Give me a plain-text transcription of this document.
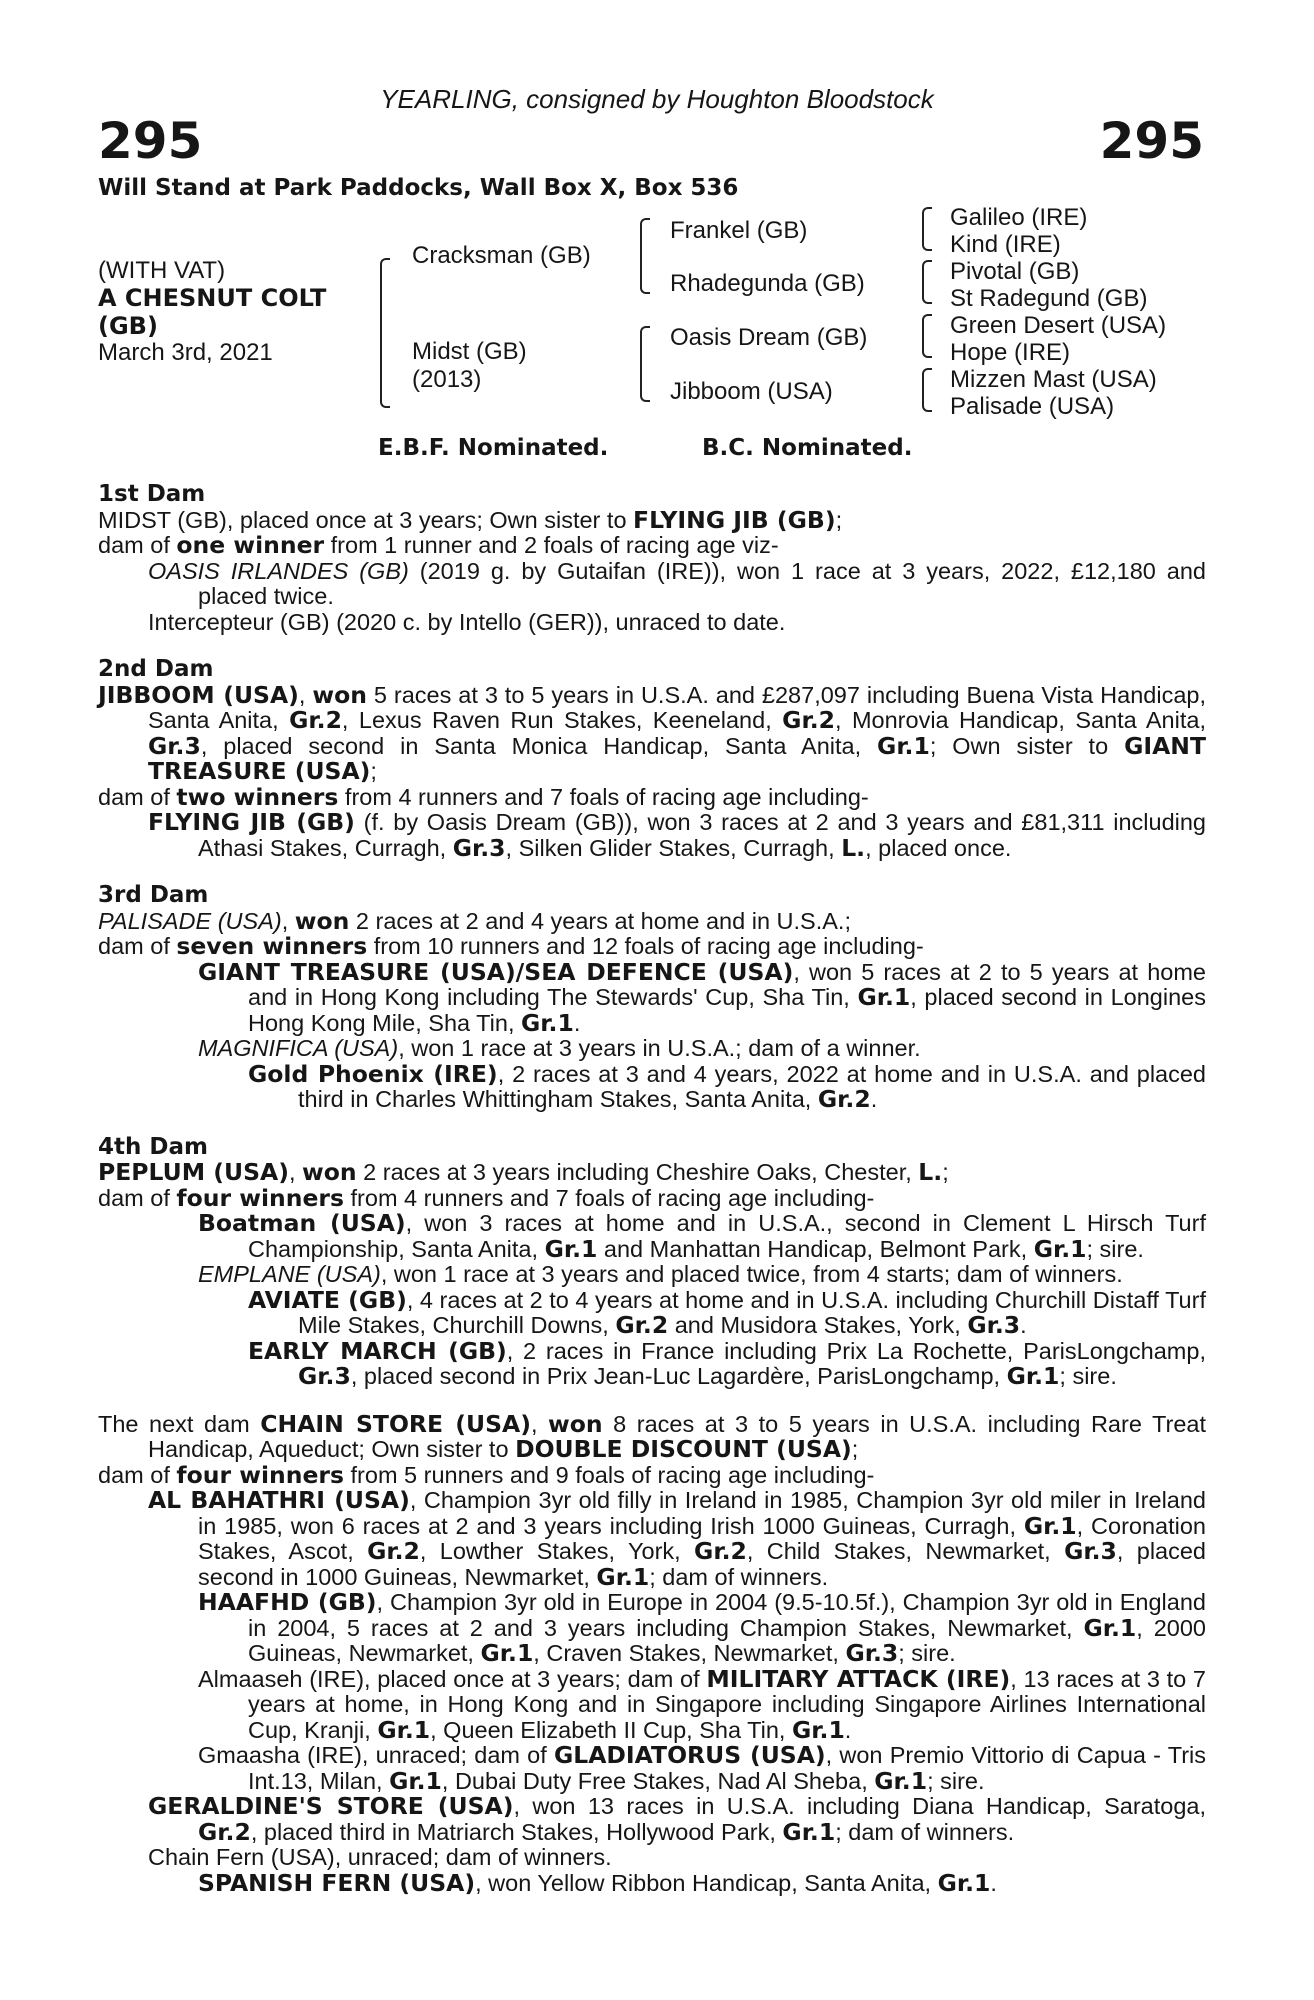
YEARLING, consigned by Houghton Bloodstock
295	295
Will Stand at Park Paddocks, Wall Box X, Box 536
(WITH VAT)
A CHESNUT COLT
(GB)
March 3rd, 2021
Cracksman (GB)
Midst (GB)
(2013)
Frankel (GB)
Rhadegunda (GB)
Oasis Dream (GB)
Jibboom (USA)
Galileo (IRE)
Kind (IRE)
Pivotal (GB)
St Radegund (GB)
Green Desert (USA)
Hope (IRE)
Mizzen Mast (USA)
Palisade (USA)
E.B.F. Nominated.	B.C. Nominated.
1st Dam
MIDST (GB), placed once at 3 years; Own sister to FLYING JIB (GB);
dam of one winner from 1 runner and 2 foals of racing age viz-
OASIS IRLANDES (GB) (2019 g. by Gutaifan (IRE)), won 1 race at 3 years, 2022, £12,180 and placed twice.
Intercepteur (GB) (2020 c. by Intello (GER)), unraced to date.
2nd Dam
JIBBOOM (USA), won 5 races at 3 to 5 years in U.S.A. and £287,097 including Buena Vista Handicap, Santa Anita, Gr.2, Lexus Raven Run Stakes, Keeneland, Gr.2, Monrovia Handicap, Santa Anita, Gr.3, placed second in Santa Monica Handicap, Santa Anita, Gr.1; Own sister to GIANT TREASURE (USA);
dam of two winners from 4 runners and 7 foals of racing age including-
FLYING JIB (GB) (f. by Oasis Dream (GB)), won 3 races at 2 and 3 years and £81,311 including Athasi Stakes, Curragh, Gr.3, Silken Glider Stakes, Curragh, L., placed once.
3rd Dam
PALISADE (USA), won 2 races at 2 and 4 years at home and in U.S.A.;
dam of seven winners from 10 runners and 12 foals of racing age including-
GIANT TREASURE (USA)/SEA DEFENCE (USA), won 5 races at 2 to 5 years at home and in Hong Kong including The Stewards' Cup, Sha Tin, Gr.1, placed second in Longines Hong Kong Mile, Sha Tin, Gr.1.
MAGNIFICA (USA), won 1 race at 3 years in U.S.A.; dam of a winner.
Gold Phoenix (IRE), 2 races at 3 and 4 years, 2022 at home and in U.S.A. and placed third in Charles Whittingham Stakes, Santa Anita, Gr.2.
4th Dam
PEPLUM (USA), won 2 races at 3 years including Cheshire Oaks, Chester, L.;
dam of four winners from 4 runners and 7 foals of racing age including-
Boatman (USA), won 3 races at home and in U.S.A., second in Clement L Hirsch Turf Championship, Santa Anita, Gr.1 and Manhattan Handicap, Belmont Park, Gr.1; sire.
EMPLANE (USA), won 1 race at 3 years and placed twice, from 4 starts; dam of winners.
AVIATE (GB), 4 races at 2 to 4 years at home and in U.S.A. including Churchill Distaff Turf Mile Stakes, Churchill Downs, Gr.2 and Musidora Stakes, York, Gr.3.
EARLY MARCH (GB), 2 races in France including Prix La Rochette, ParisLongchamp, Gr.3, placed second in Prix Jean-Luc Lagardère, ParisLongchamp, Gr.1; sire.
The next dam CHAIN STORE (USA), won 8 races at 3 to 5 years in U.S.A. including Rare Treat Handicap, Aqueduct; Own sister to DOUBLE DISCOUNT (USA);
dam of four winners from 5 runners and 9 foals of racing age including-
AL BAHATHRI (USA), Champion 3yr old filly in Ireland in 1985, Champion 3yr old miler in Ireland in 1985, won 6 races at 2 and 3 years including Irish 1000 Guineas, Curragh, Gr.1, Coronation Stakes, Ascot, Gr.2, Lowther Stakes, York, Gr.2, Child Stakes, Newmarket, Gr.3, placed second in 1000 Guineas, Newmarket, Gr.1; dam of winners.
HAAFHD (GB), Champion 3yr old in Europe in 2004 (9.5-10.5f.), Champion 3yr old in England in 2004, 5 races at 2 and 3 years including Champion Stakes, Newmarket, Gr.1, 2000 Guineas, Newmarket, Gr.1, Craven Stakes, Newmarket, Gr.3; sire.
Almaaseh (IRE), placed once at 3 years; dam of MILITARY ATTACK (IRE), 13 races at 3 to 7 years at home, in Hong Kong and in Singapore including Singapore Airlines International Cup, Kranji, Gr.1, Queen Elizabeth II Cup, Sha Tin, Gr.1.
Gmaasha (IRE), unraced; dam of GLADIATORUS (USA), won Premio Vittorio di Capua - Tris Int.13, Milan, Gr.1, Dubai Duty Free Stakes, Nad Al Sheba, Gr.1; sire.
GERALDINE'S STORE (USA), won 13 races in U.S.A. including Diana Handicap, Saratoga, Gr.2, placed third in Matriarch Stakes, Hollywood Park, Gr.1; dam of winners.
Chain Fern (USA), unraced; dam of winners.
SPANISH FERN (USA), won Yellow Ribbon Handicap, Santa Anita, Gr.1.
